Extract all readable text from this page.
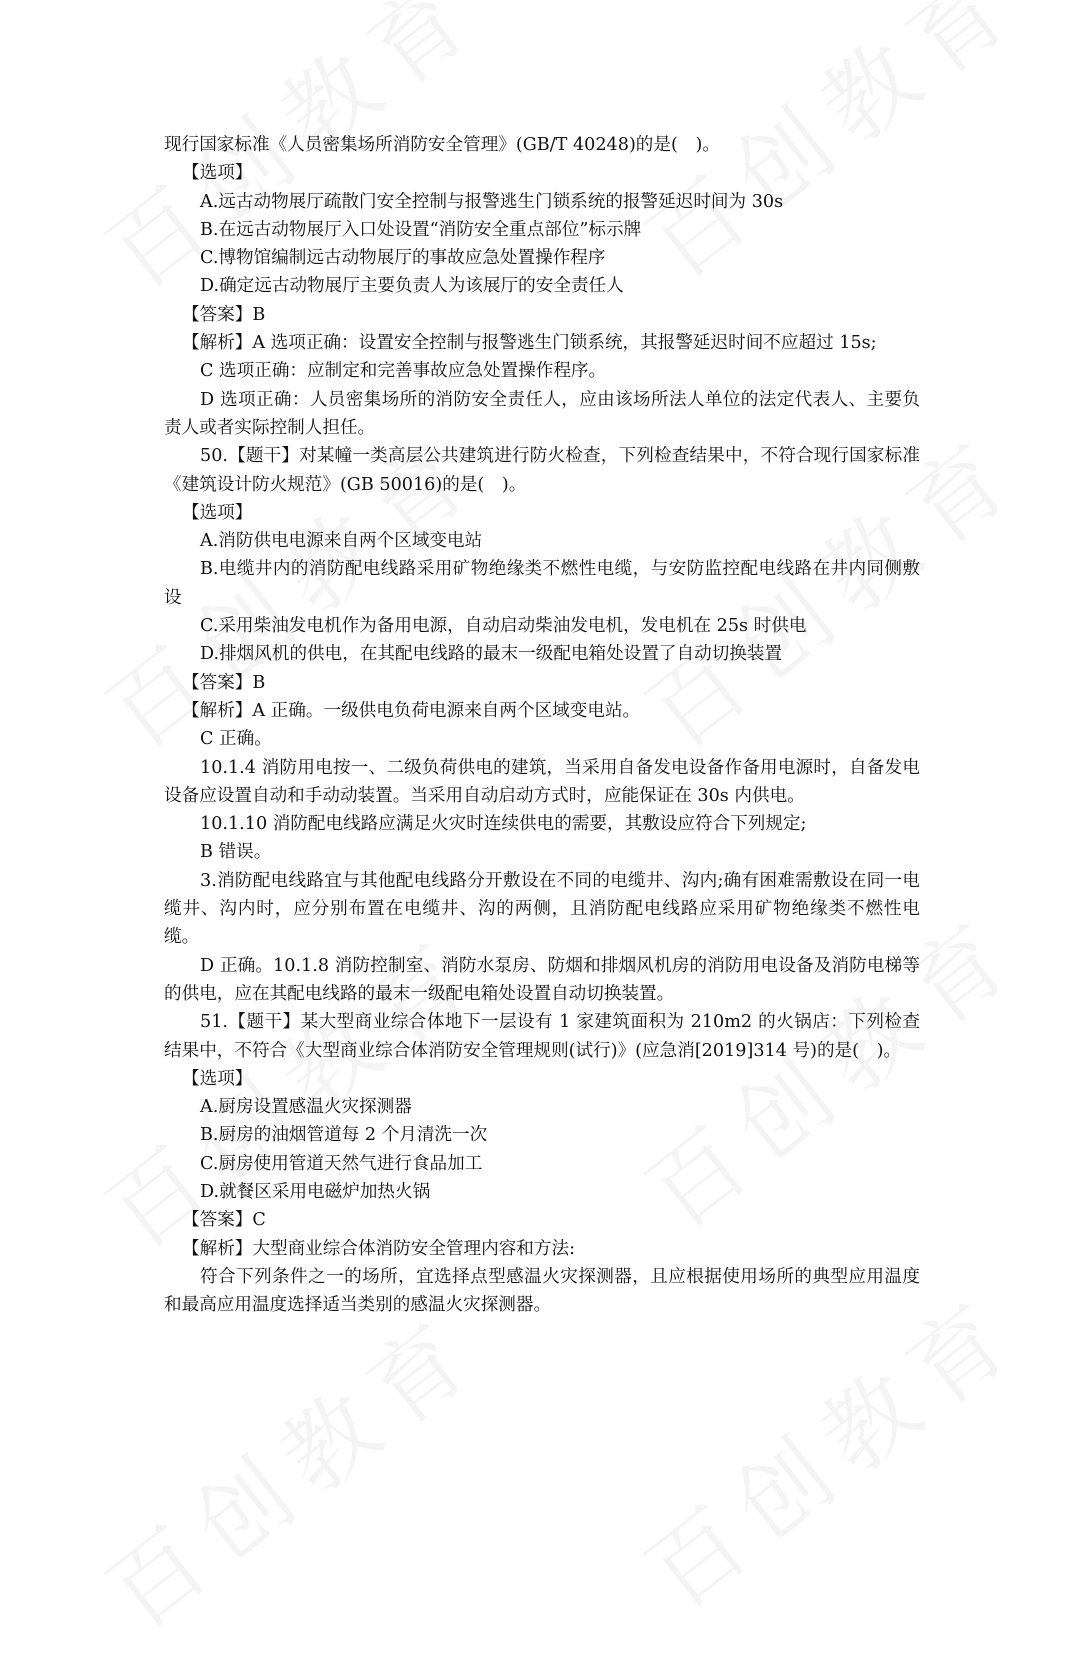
现行国家标准《人员密集场所消防安全管理》(GB/T 40248)的是(　)。

【选项】

A.远古动物展厅疏散门安全控制与报警逃生门锁系统的报警延迟时间为 30s

B.在远古动物展厅入口处设置“消防安全重点部位”标示牌

C.博物馆编制远古动物展厅的事故应急处置操作程序

D.确定远古动物展厅主要负责人为该展厅的安全责任人

【答案】B

【解析】A 选项正确：设置安全控制与报警逃生门锁系统，其报警延迟时间不应超过 15s;

C 选项正确：应制定和完善事故应急处置操作程序。

D 选项正确：人员密集场所的消防安全责任人，应由该场所法人单位的法定代表人、主要负责人或者实际控制人担任。

50.【题干】对某幢一类高层公共建筑进行防火检查，下列检查结果中，不符合现行国家标准《建筑设计防火规范》(GB 50016)的是(　)。

【选项】

A.消防供电电源来自两个区域变电站

B.电缆井内的消防配电线路采用矿物绝缘类不燃性电缆，与安防监控配电线路在井内同侧敷设

C.采用柴油发电机作为备用电源，自动启动柴油发电机，发电机在 25s 时供电

D.排烟风机的供电，在其配电线路的最末一级配电箱处设置了自动切换装置

【答案】B

【解析】A 正确。一级供电负荷电源来自两个区域变电站。

C 正确。

10.1.4 消防用电按一、二级负荷供电的建筑，当采用自备发电设备作备用电源时，自备发电设备应设置自动和手动动装置。当采用自动启动方式时，应能保证在 30s 内供电。

10.1.10 消防配电线路应满足火灾时连续供电的需要，其敷设应符合下列规定;

B 错误。

3.消防配电线路宜与其他配电线路分开敷设在不同的电缆井、沟内;确有困难需敷设在同一电缆井、沟内时，应分别布置在电缆井、沟的两侧，且消防配电线路应采用矿物绝缘类不燃性电缆。

D 正确。10.1.8 消防控制室、消防水泵房、防烟和排烟风机房的消防用电设备及消防电梯等的供电，应在其配电线路的最末一级配电箱处设置自动切换装置。

51.【题干】某大型商业综合体地下一层设有 1 家建筑面积为 210m2 的火锅店：下列检查结果中，不符合《大型商业综合体消防安全管理规则(试行)》(应急消[2019]314 号)的是(　)。

【选项】

A.厨房设置感温火灾探测器

B.厨房的油烟管道每 2 个月清洗一次

C.厨房使用管道天然气进行食品加工

D.就餐区采用电磁炉加热火锅

【答案】C

【解析】大型商业综合体消防安全管理内容和方法:

符合下列条件之一的场所，宜选择点型感温火灾探测器，且应根据使用场所的典型应用温度和最高应用温度选择适当类别的感温火灾探测器。
